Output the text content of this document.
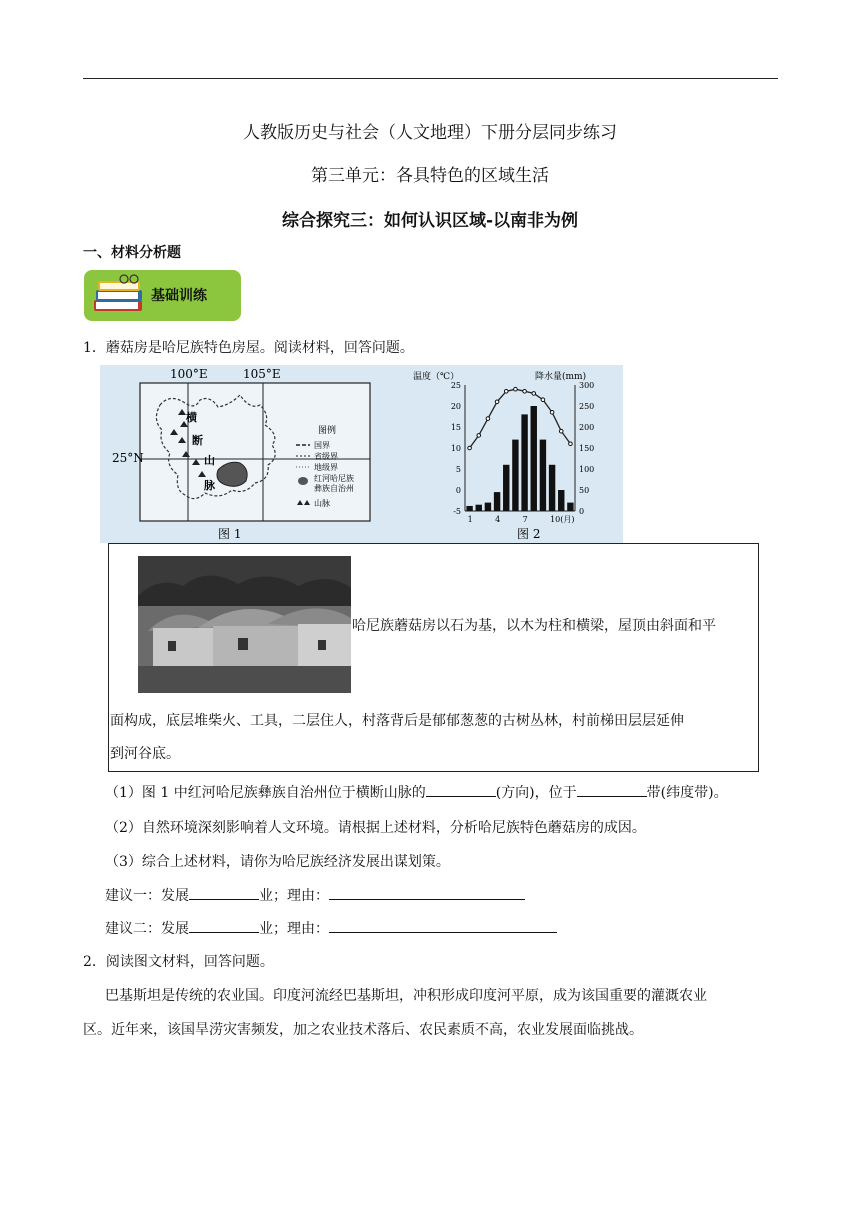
人教版历史与社会（人文地理）下册分层同步练习
第三单元：各具特色的区域生活
综合探究三：如何认识区域-以南非为例
一、材料分析题
基础训练
1．蘑菇房是哈尼族特色房屋。阅读材料，回答问题。
100°E	105°E
25°N
横
断
山
脉
图例
国界
省级界
地级界
红河哈尼族
彝族自治州
山脉
图 1
温度（℃）	降水量(mm)
25
20
15
10
5
0
-5
300
250
200
150
100
50
0
1	4	7	10(月)
图 2
哈尼族蘑菇房以石为基，以木为柱和横梁，屋顶由斜面和平
面构成，底层堆柴火、工具，二层住人，村落背后是郁郁葱葱的古树丛林，村前梯田层层延伸
到河谷底。
（1）图 1 中红河哈尼族彝族自治州位于横断山脉的	(方向)，位于	带(纬度带)。
（2）自然环境深刻影响着人文环境。请根据上述材料，分析哈尼族特色蘑菇房的成因。
（3）综合上述材料，请你为哈尼族经济发展出谋划策。
建议一：发展	业；理由：
建议二：发展	业；理由：
2．阅读图文材料，回答问题。
巴基斯坦是传统的农业国。印度河流经巴基斯坦，冲积形成印度河平原，成为该国重要的灌溉农业
区。近年来，该国旱涝灾害频发，加之农业技术落后、农民素质不高，农业发展面临挑战。
